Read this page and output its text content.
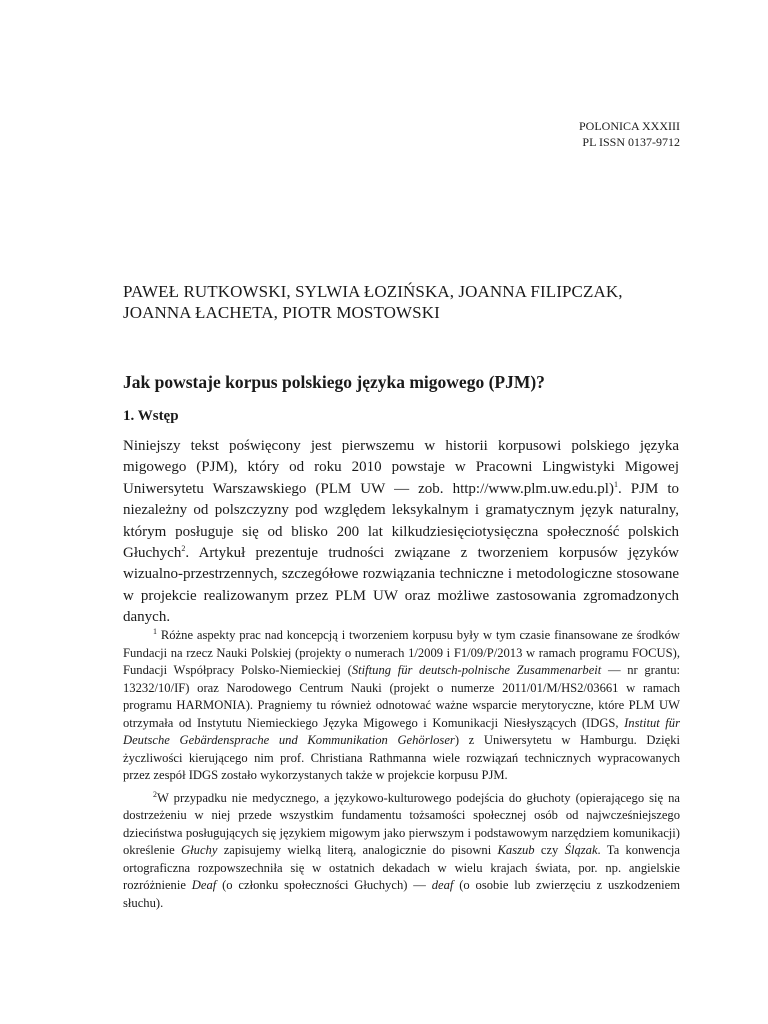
POLONICA XXXIII
PL ISSN 0137-9712
PAWEŁ RUTKOWSKI, SYLWIA ŁOZIŃSKA, JOANNA FILIPCZAK,
JOANNA ŁACHETA, PIOTR MOSTOWSKI
Jak powstaje korpus polskiego języka migowego (PJM)?
1. Wstęp

Niniejszy tekst poświęcony jest pierwszemu w historii korpusowi polskiego języka migowego (PJM), który od roku 2010 powstaje w Pracowni Lingwistyki Migowej Uniwersytetu Warszawskiego (PLM UW — zob. http://www.plm.uw.edu.pl)$^1$. PJM to niezależny od polszczyzny pod względem leksykalnym i gramatycznym język naturalny, którym posługuje się od blisko 200 lat kilkudziesięciotysięczna społeczność polskich Głuchych$^2$. Artykuł prezentuje trudności związane z tworzeniem korpusów języków wizualno-przestrzennych, szczegółowe rozwiązania techniczne i metodologiczne stosowane w projekcie realizowanym przez PLM UW oraz możliwe zastosowania zgromadzonych danych.

$^1$ Różne aspekty prac nad koncepcją i tworzeniem korpusu były w tym czasie finansowane ze środków Fundacji na rzecz Nauki Polskiej (projekty o numerach 1/2009 i F1/09/P/2013 w ramach programu FOCUS), Fundacji Współpracy Polsko-Niemieckiej (Stiftung für deutsch-polnische Zusammenarbeit — nr grantu: 13232/10/IF) oraz Narodowego Centrum Nauki (projekt o numerze 2011/01/M/HS2/03661 w ramach programu HARMONIA). Pragniemy tu również odnotować ważne wsparcie merytoryczne, które PLM UW otrzymała od Instytutu Niemieckiego Języka Migowego i Komunikacji Niesłyszących (IDGS, Institut für Deutsche Gebärdensprache und Kommunikation Gehörloser) z Uniwersytetu w Hamburgu. Dzięki życzliwości kierującego nim prof. Christiana Rathmanna wiele rozwiązań technicznych wypracowanych przez zespół IDGS zostało wykorzystanych także w projekcie korpusu PJM.

$^2$W przypadku nie medycznego, a językowo-kulturowego podejścia do głuchoty (opierającego się na dostrzeżeniu w niej przede wszystkim fundamentu tożsamości społecznej osób od najwcześniejszego dzieciństwa posługujących się językiem migowym jako pierwszym i podstawowym narzędziem komunikacji) określenie Głuchy zapisujemy wielką literą, analogicznie do pisowni Kaszub czy Ślązak. Ta konwencja ortograficzna rozpowszechniła się w ostatnich dekadach w wielu krajach świata, por. np. angielskie rozróżnienie Deaf (o członku społeczności Głuchych) — deaf (o osobie lub zwierzęciu z uszkodzeniem słuchu).
